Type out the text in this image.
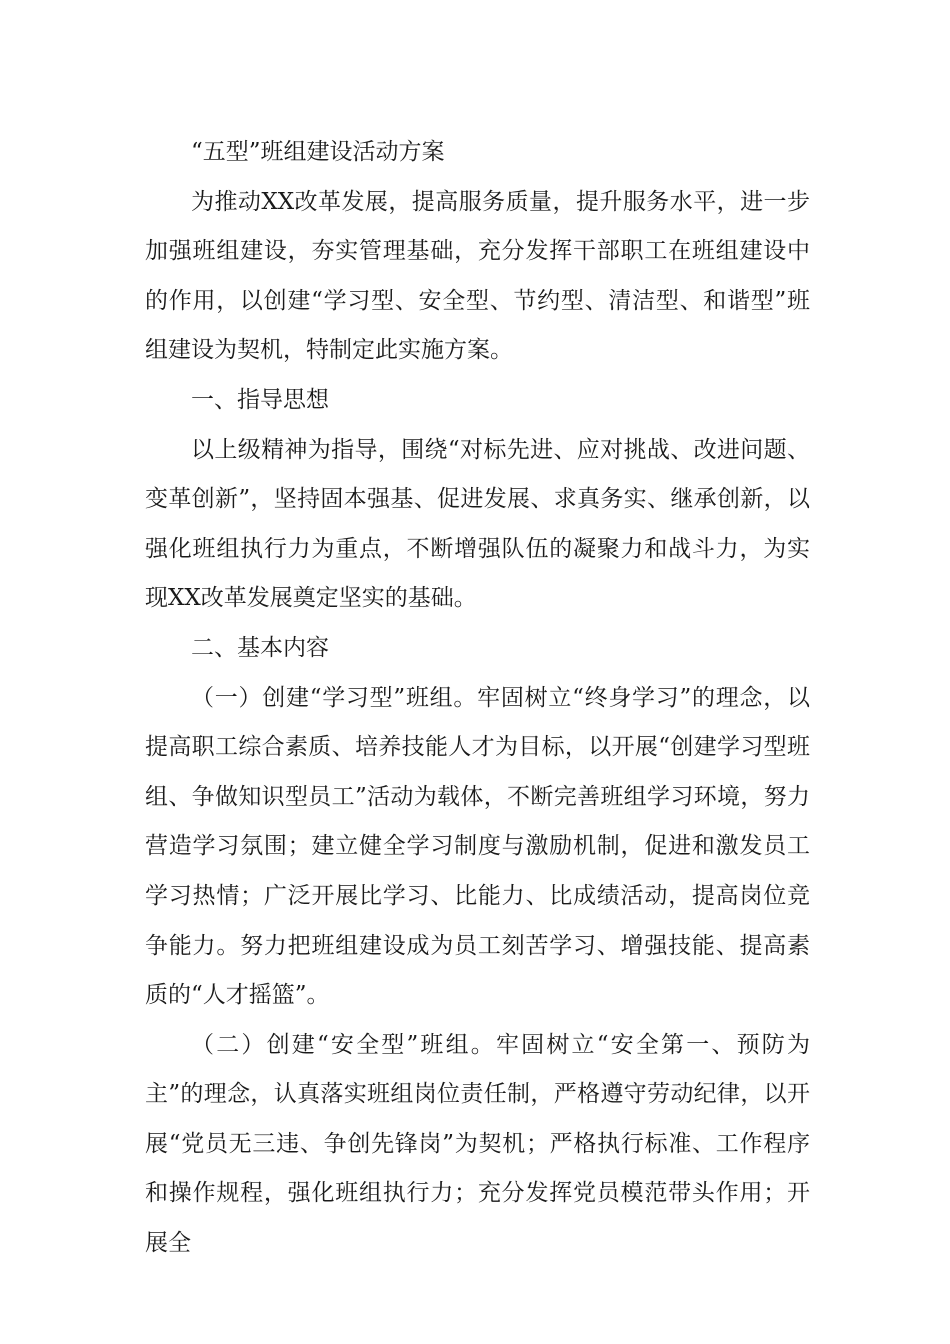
“五型”班组建设活动方案

为推动XX改革发展，提高服务质量，提升服务水平，进一步加强班组建设，夯实管理基础，充分发挥干部职工在班组建设中的作用，以创建“学习型、安全型、节约型、清洁型、和谐型”班组建设为契机，特制定此实施方案。

一、指导思想

以上级精神为指导，围绕“对标先进、应对挑战、改进问题、变革创新”，坚持固本强基、促进发展、求真务实、继承创新，以强化班组执行力为重点，不断增强队伍的凝聚力和战斗力，为实现XX改革发展奠定坚实的基础。

二、基本内容

（一）创建“学习型”班组。牢固树立“终身学习”的理念，以提高职工综合素质、培养技能人才为目标，以开展“创建学习型班组、争做知识型员工”活动为载体，不断完善班组学习环境，努力营造学习氛围；建立健全学习制度与激励机制，促进和激发员工学习热情；广泛开展比学习、比能力、比成绩活动，提高岗位竞争能力。努力把班组建设成为员工刻苦学习、增强技能、提高素质的“人才摇篮”。

（二）创建“安全型”班组。牢固树立“安全第一、预防为主”的理念，认真落实班组岗位责任制，严格遵守劳动纪律，以开展“党员无三违、争创先锋岗”为契机；严格执行标准、工作程序和操作规程，强化班组执行力；充分发挥党员模范带头作用；开展全
